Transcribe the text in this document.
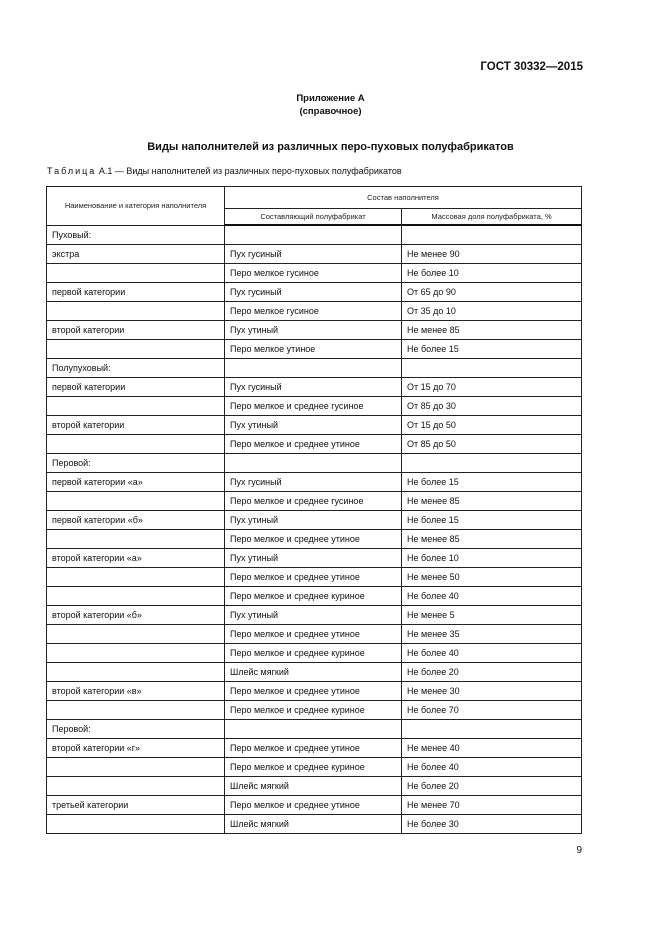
ГОСТ 30332—2015
Приложение А
(справочное)
Виды наполнителей из различных перо-пуховых полуфабрикатов
Таблица А.1 — Виды наполнителей из различных перо-пуховых полуфабрикатов
Наименование и категория наполнителя	Состав наполнителя	
	Составляющий полуфабрикат	Массовая доля полуфабриката, %
Пуховый:		
экстра	Пух гусиный	Не менее 90
	Перо мелкое гусиное	Не более 10
первой категории	Пух гусиный	От 65 до 90
	Перо мелкое гусиное	От 35 до 10
второй категории	Пух утиный	Не менее 85
	Перо мелкое утиное	Не более 15
Полупуховый:		
первой категории	Пух гусиный	От 15 до 70
	Перо мелкое и среднее гусиное	От 85 до 30
второй категории	Пух утиный	От 15 до 50
	Перо мелкое и среднее утиное	От 85 до 50
Перовой:		
первой категории «а»	Пух гусиный	Не более 15
	Перо мелкое и среднее гусиное	Не менее 85
первой категории «б»	Пух утиный	Не более 15
	Перо мелкое и среднее утиное	Не менее 85
второй категории «а»	Пух утиный	Не более 10
	Перо мелкое и среднее утиное	Не менее 50
	Перо мелкое и среднее куриное	Не более 40
второй категории «б»	Пух утиный	Не менее 5
	Перо мелкое и среднее утиное	Не менее 35
	Перо мелкое и среднее куриное	Не более 40
	Шлейс мягкий	Не более 20
второй категории «в»	Перо мелкое и среднее утиное	Не менее 30
	Перо мелкое и среднее куриное	Не более 70
Перовой:		
второй категории «г»	Перо мелкое и среднее утиное	Не менее 40
	Перо мелкое и среднее куриное	Не более 40
	Шлейс мягкий	Не более 20
третьей категории	Перо мелкое и среднее утиное	Не менее 70
	Шлейс мягкий	Не более 30
9
